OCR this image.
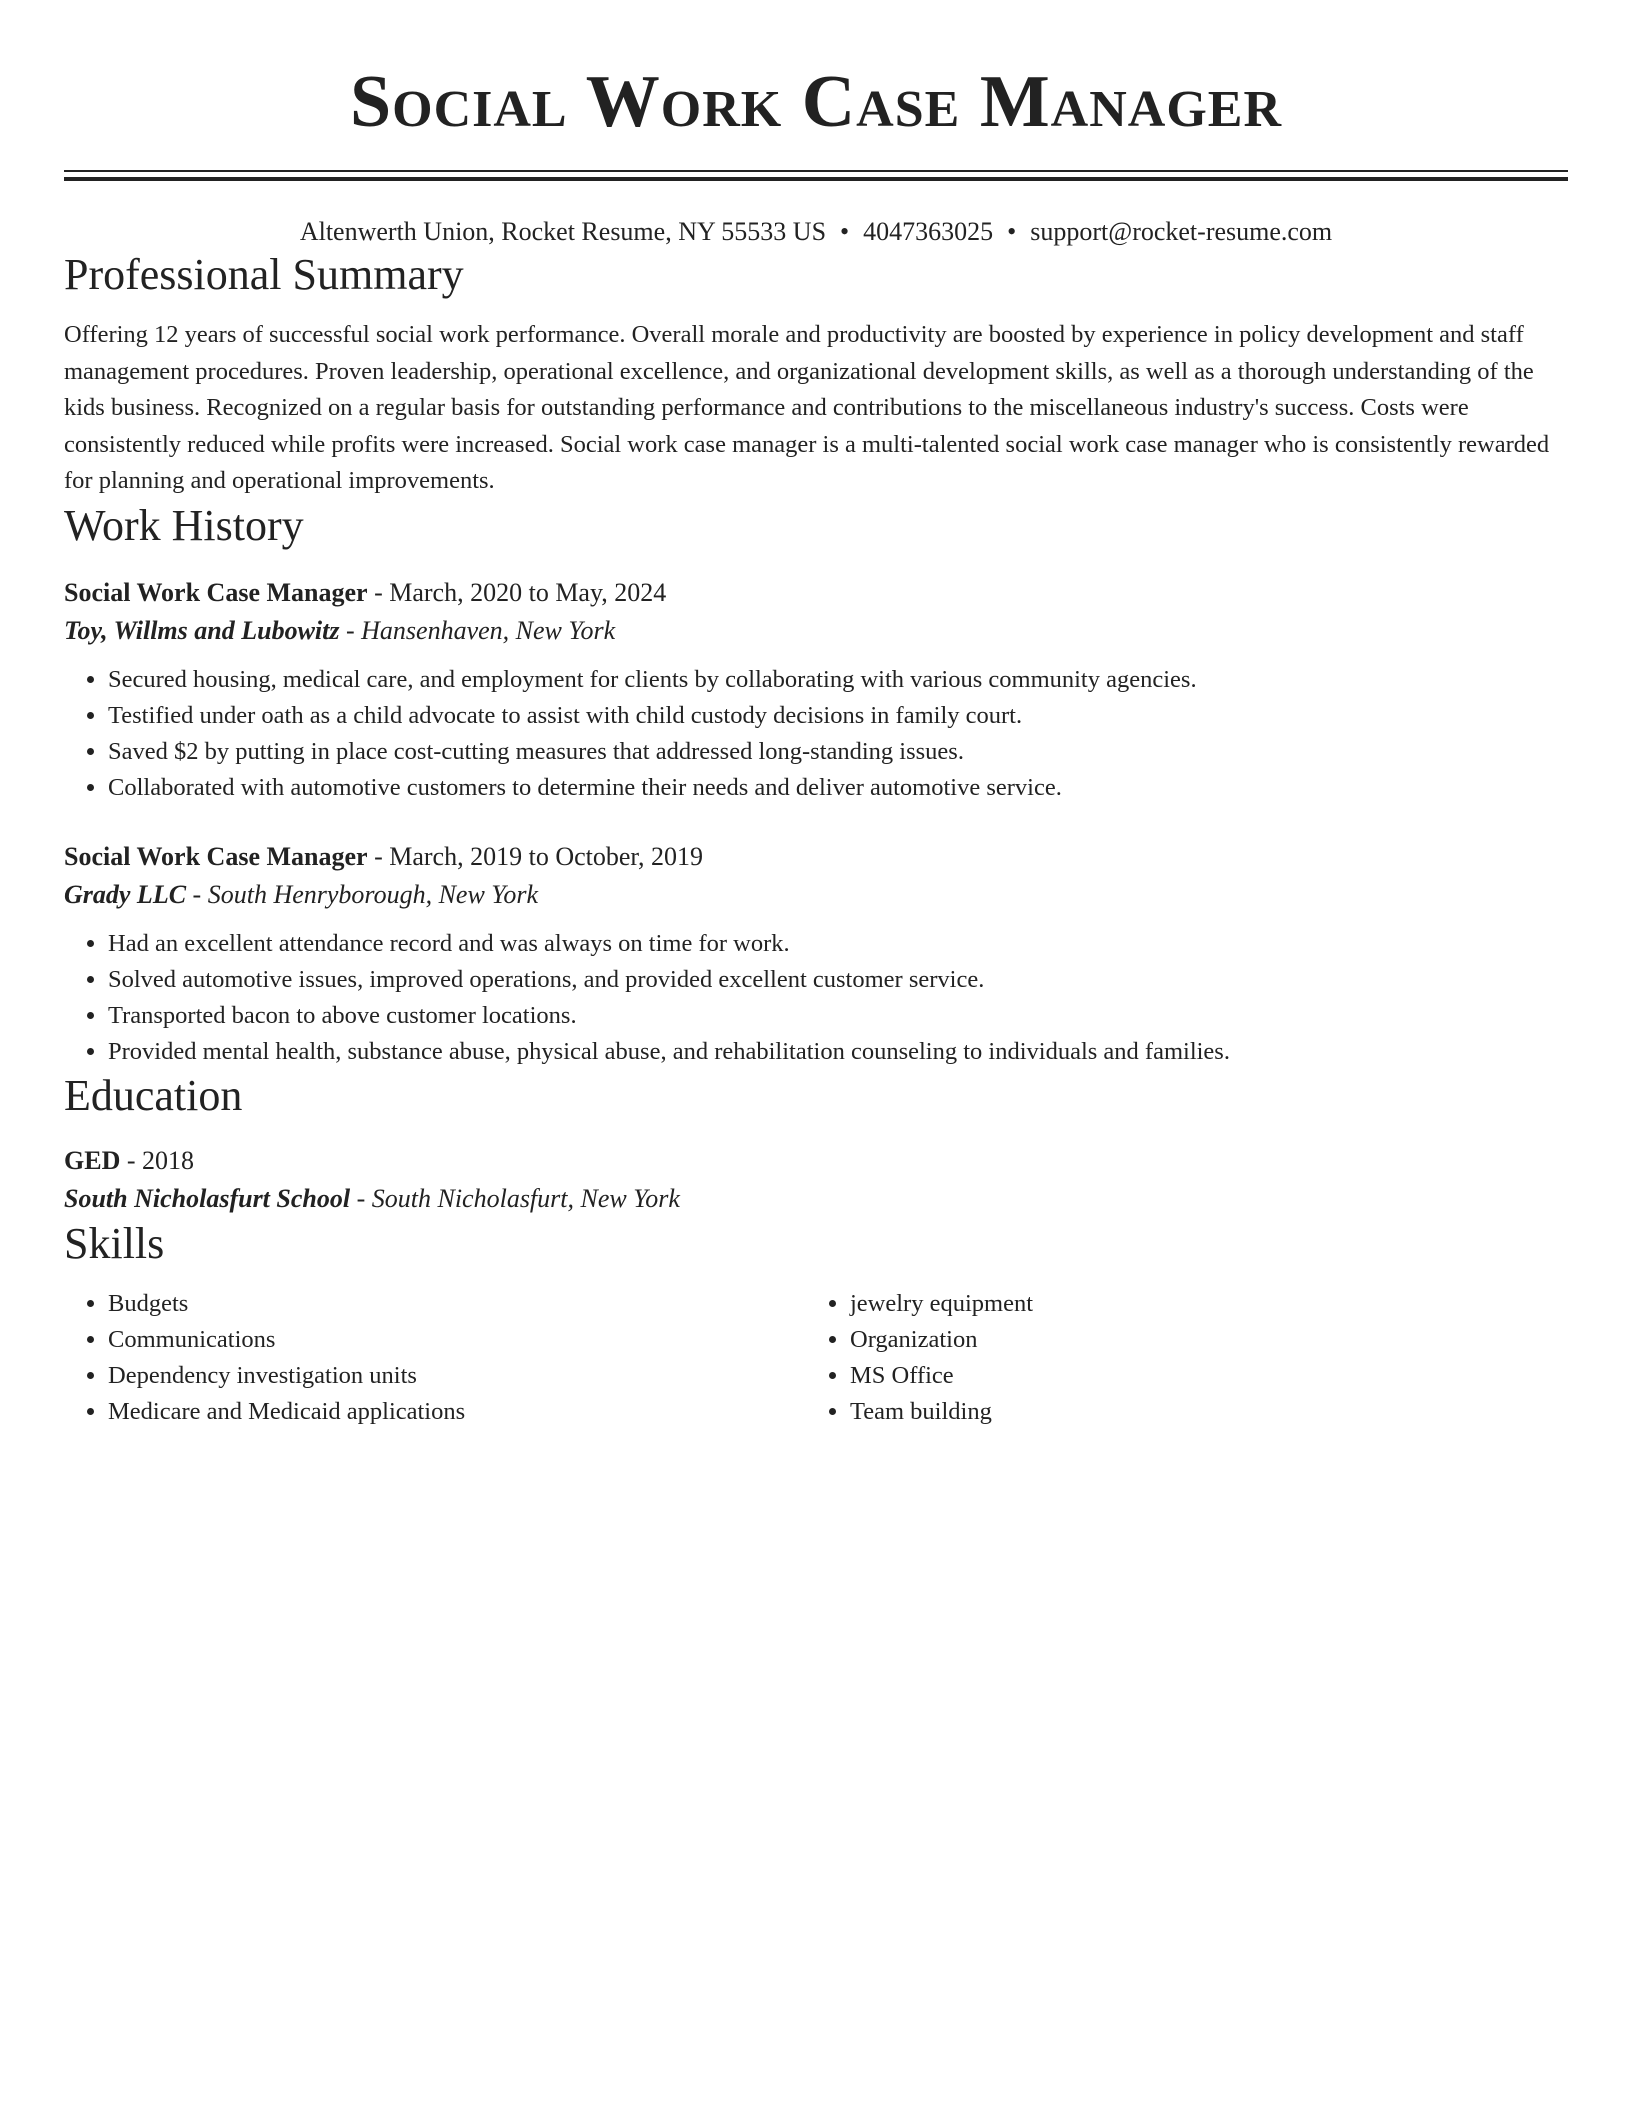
Social Work Case Manager
Altenwerth Union, Rocket Resume, NY 55533 US • 4047363025 • support@rocket-resume.com
Professional Summary
Offering 12 years of successful social work performance. Overall morale and productivity are boosted by experience in policy development and staff management procedures. Proven leadership, operational excellence, and organizational development skills, as well as a thorough understanding of the kids business. Recognized on a regular basis for outstanding performance and contributions to the miscellaneous industry's success. Costs were consistently reduced while profits were increased. Social work case manager is a multi-talented social work case manager who is consistently rewarded for planning and operational improvements.
Work History
Social Work Case Manager - March, 2020 to May, 2024
Toy, Willms and Lubowitz - Hansenhaven, New York
• Secured housing, medical care, and employment for clients by collaborating with various community agencies.
• Testified under oath as a child advocate to assist with child custody decisions in family court.
• Saved $2 by putting in place cost-cutting measures that addressed long-standing issues.
• Collaborated with automotive customers to determine their needs and deliver automotive service.
Social Work Case Manager - March, 2019 to October, 2019
Grady LLC - South Henryborough, New York
• Had an excellent attendance record and was always on time for work.
• Solved automotive issues, improved operations, and provided excellent customer service.
• Transported bacon to above customer locations.
• Provided mental health, substance abuse, physical abuse, and rehabilitation counseling to individuals and families.
Education
GED - 2018
South Nicholasfurt School - South Nicholasfurt, New York
Skills
• Budgets
• Communications
• Dependency investigation units
• Medicare and Medicaid applications
• jewelry equipment
• Organization
• MS Office
• Team building
